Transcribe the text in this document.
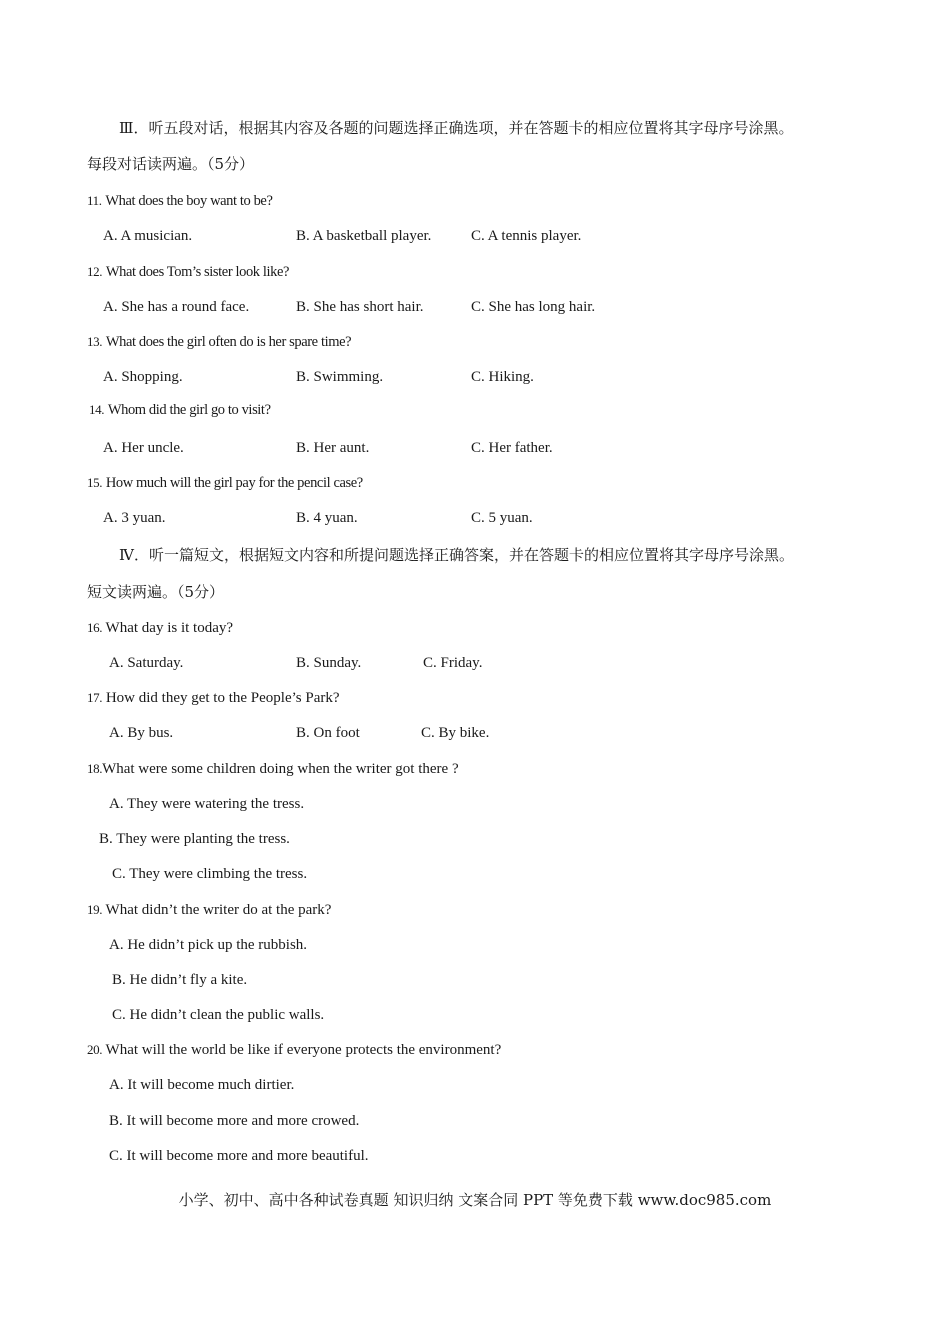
Ⅲ．听五段对话，根据其内容及各题的问题选择正确选项，并在答题卡的相应位置将其字母序号涂黑。
每段对话读两遍。（5分）
11. What does the boy want to be?
A. A musician.	B. A basketball player.	C. A tennis player.
12. What does Tom’s sister look like?
A. She has a round face.	B. She has short hair.	C. She has long hair.
13. What does the girl often do is her spare time?
A. Shopping.	B. Swimming.	C. Hiking.
14. Whom did the girl go to visit?
A. Her uncle.	B. Her aunt.	C. Her father.
15. How much will the girl pay for the pencil case?
A. 3 yuan.	B. 4 yuan.	C. 5 yuan.
Ⅳ．听一篇短文，根据短文内容和所提问题选择正确答案，并在答题卡的相应位置将其字母序号涂黑。
短文读两遍。（5分）
16. What day is it today?
A. Saturday.	B. Sunday.	C. Friday.
17. How did they get to the People’s Park?
A. By bus.	B. On foot	C. By bike.
18.What were some children doing when the writer got there ?
A. They were watering the tress.
B. They were planting the tress.
C. They were climbing the tress.
19. What didn’t the writer do at the park?
A. He didn’t pick up the rubbish.
B. He didn’t fly a kite.
C. He didn’t clean the public walls.
20. What will the world be like if everyone protects the environment?
A. It will become much dirtier.
B. It will become more and more crowed.
C. It will become more and more beautiful.
小学、初中、高中各种试卷真题 知识归纳 文案合同 PPT 等免费下载 www.doc985.com
